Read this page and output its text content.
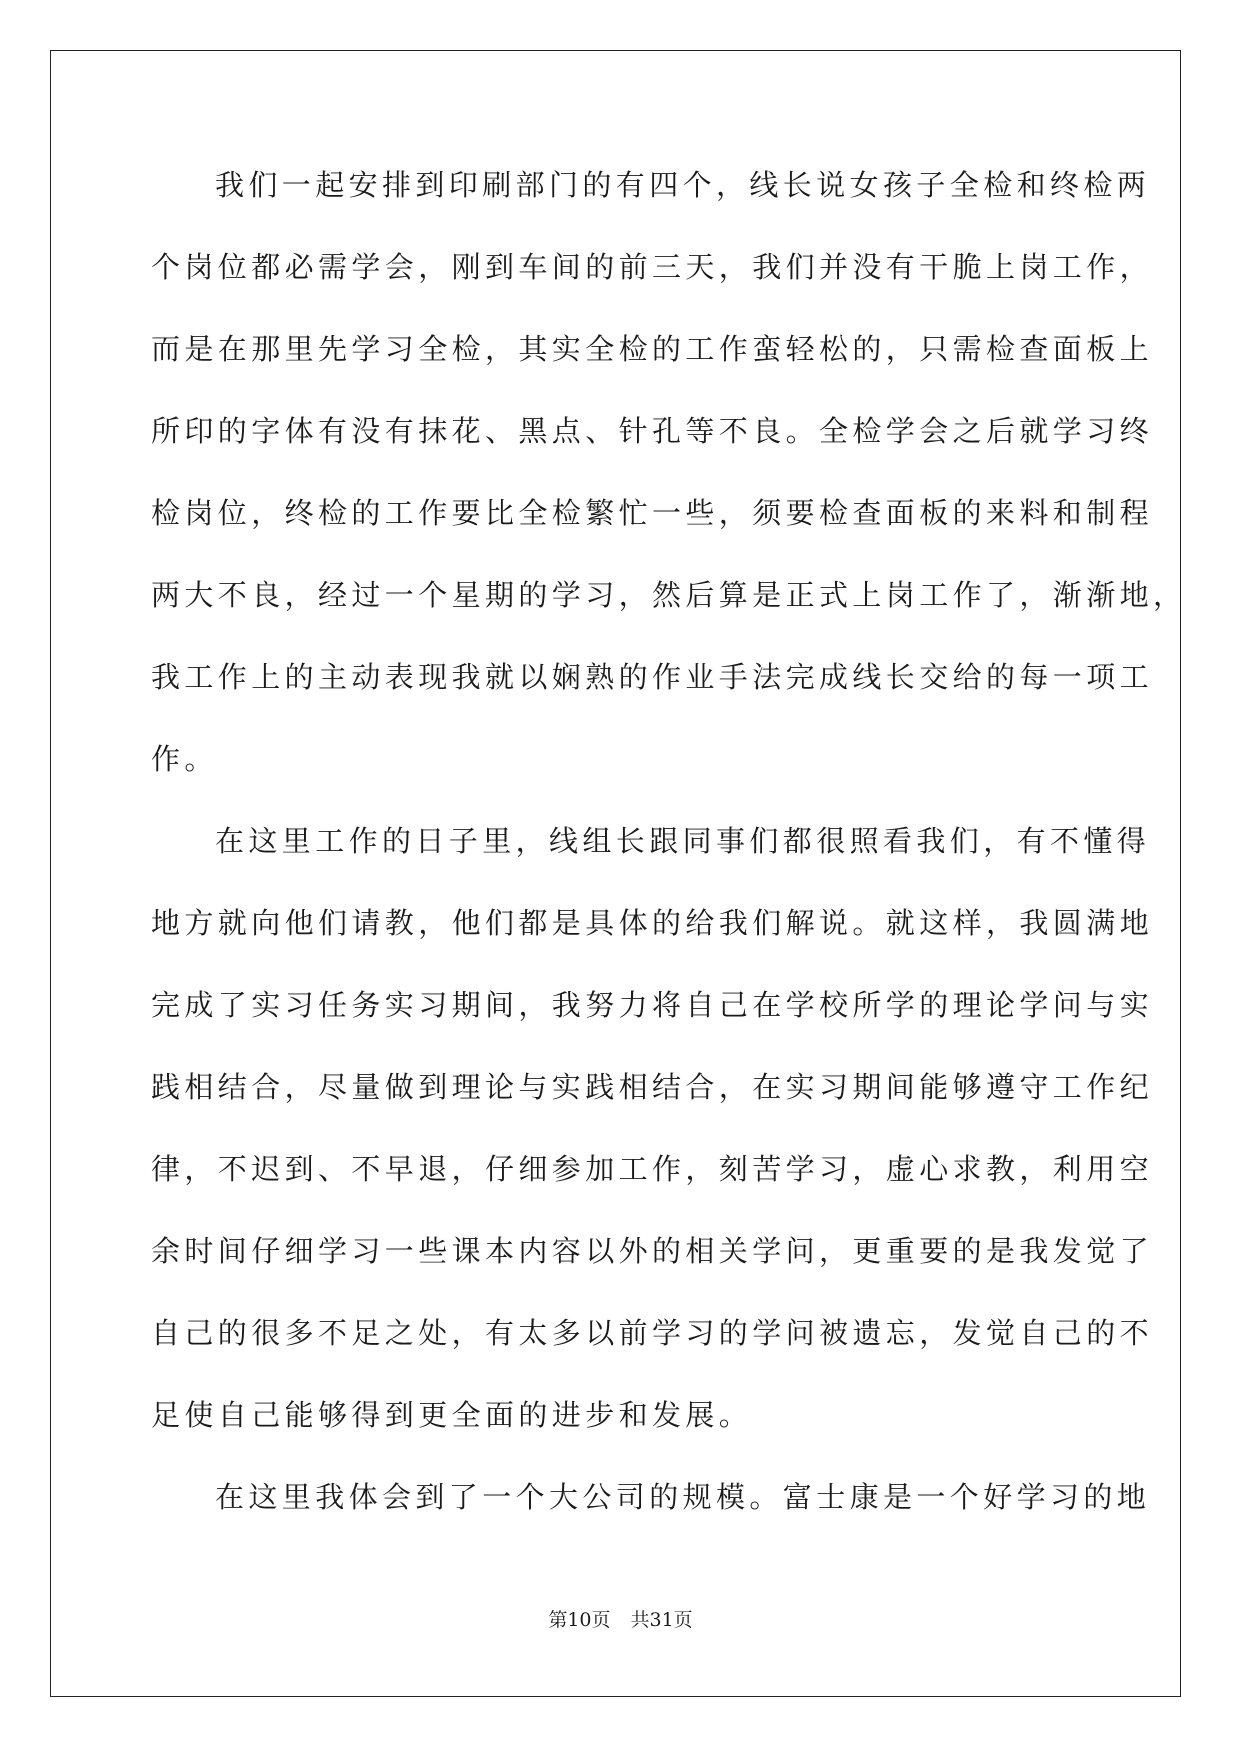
我们一起安排到印刷部门的有四个，线长说女孩子全检和终检两
个岗位都必需学会，刚到车间的前三天，我们并没有干脆上岗工作，
而是在那里先学习全检，其实全检的工作蛮轻松的，只需检查面板上
所印的字体有没有抹花、黑点、针孔等不良。全检学会之后就学习终
检岗位，终检的工作要比全检繁忙一些，须要检查面板的来料和制程
两大不良，经过一个星期的学习，然后算是正式上岗工作了，渐渐地，
我工作上的主动表现我就以娴熟的作业手法完成线长交给的每一项工
作。
在这里工作的日子里，线组长跟同事们都很照看我们，有不懂得
地方就向他们请教，他们都是具体的给我们解说。就这样，我圆满地
完成了实习任务实习期间，我努力将自己在学校所学的理论学问与实
践相结合，尽量做到理论与实践相结合，在实习期间能够遵守工作纪
律，不迟到、不早退，仔细参加工作，刻苦学习，虚心求教，利用空
余时间仔细学习一些课本内容以外的相关学问，更重要的是我发觉了
自己的很多不足之处，有太多以前学习的学问被遗忘，发觉自己的不
足使自己能够得到更全面的进步和发展。
在这里我体会到了一个大公司的规模。富士康是一个好学习的地
第10页 共31页
